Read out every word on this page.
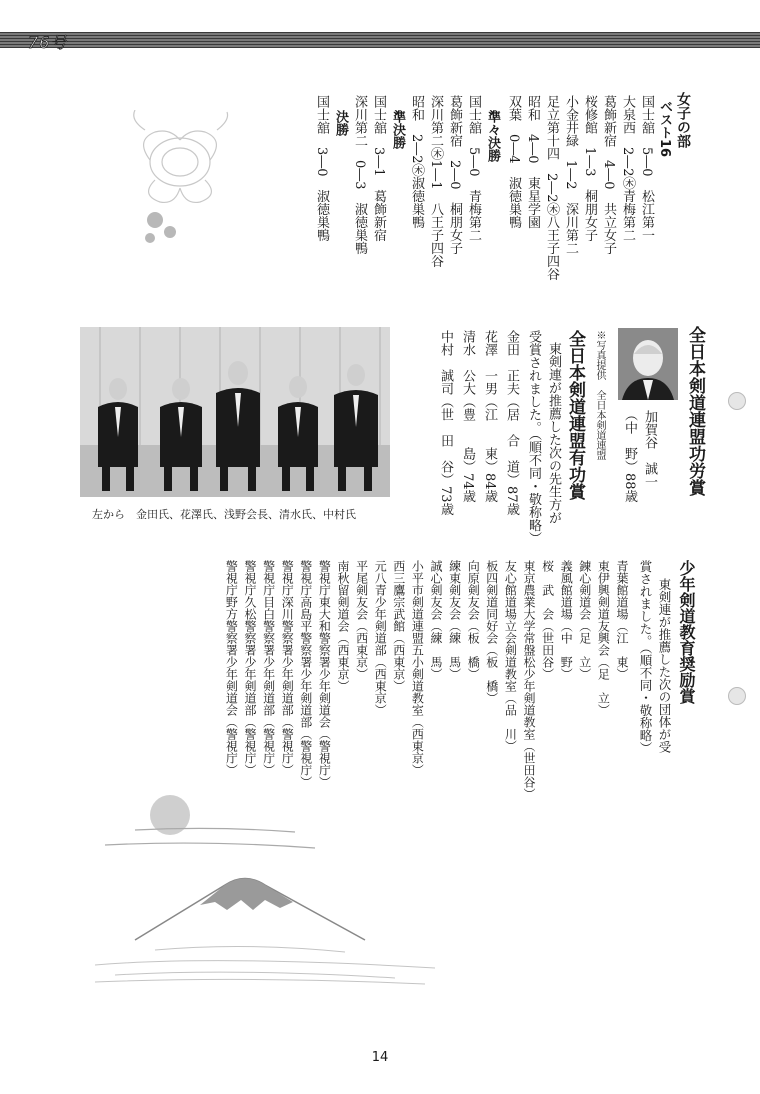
76号
女子の部
ベスト16
国士舘　5―0　松江第一
大泉西　2―2㊍青梅第二
葛飾新宿　4―0　共立女子
桜修館　1―3　桐朋女子
小金井緑　1―2　深川第二
足立第十四　2―2㊍八王子四谷
昭和　4―0　東星学園
双葉　0―4　淑徳巣鴨
準々決勝
国士舘　5―0　青梅第二
葛飾新宿　2―0　桐朋女子
深川第二㊍1―1　八王子四谷
昭和　2―2㊍淑徳巣鴨
準決勝
国士舘　3―1　葛飾新宿
深川第二　0―3　淑徳巣鴨
決勝
国士舘　3―0　淑徳巣鴨
全日本剣道連盟功労賞
加賀谷　誠一
（中　野）88歳
※写真提供　全日本剣道連盟
全日本剣道連盟有功賞
東剣連が推薦した次の先生方が
受賞されました。（順不同・敬称略）
金田　正夫（居　合　道）87歳
花澤　一男（江　　東）84歳
清水　公大（豊　　島）74歳
中村　誠司（世　田　谷）73歳
左から　金田氏、花澤氏、浅野会長、清水氏、中村氏
少年剣道教育奨励賞
東剣連が推薦した次の団体が受
賞されました。（順不同・敬称略）
青葉館道場（江　東）
東伊興剣道友興会（足　立）
錬心剣道会（足　立）
義風館道場（中　野）
桜　武　会（世田谷）
東京農業大学常盤松少年剣道教室（世田谷）
友心館道場立会剣道教室（品　川）
板四剣道同好会（板　橋）
向原剣友会（板　橋）
練東剣友会（練　馬）
誠心剣友会（練　馬）
小平市剣道連盟五小剣道教室（西東京）
西三鷹宗武館（西東京）
元八青少年剣道部（西東京）
平尾剣友会（西東京）
南秋留剣道会（西東京）
警視庁東大和警察署少年剣道会（警視庁）
警視庁高島平警察署少年剣道部（警視庁）
警視庁深川警察署少年剣道部（警視庁）
警視庁目白警察署少年剣道部（警視庁）
警視庁久松警察署少年剣道部（警視庁）
警視庁野方警察署少年剣道会（警視庁）
14
